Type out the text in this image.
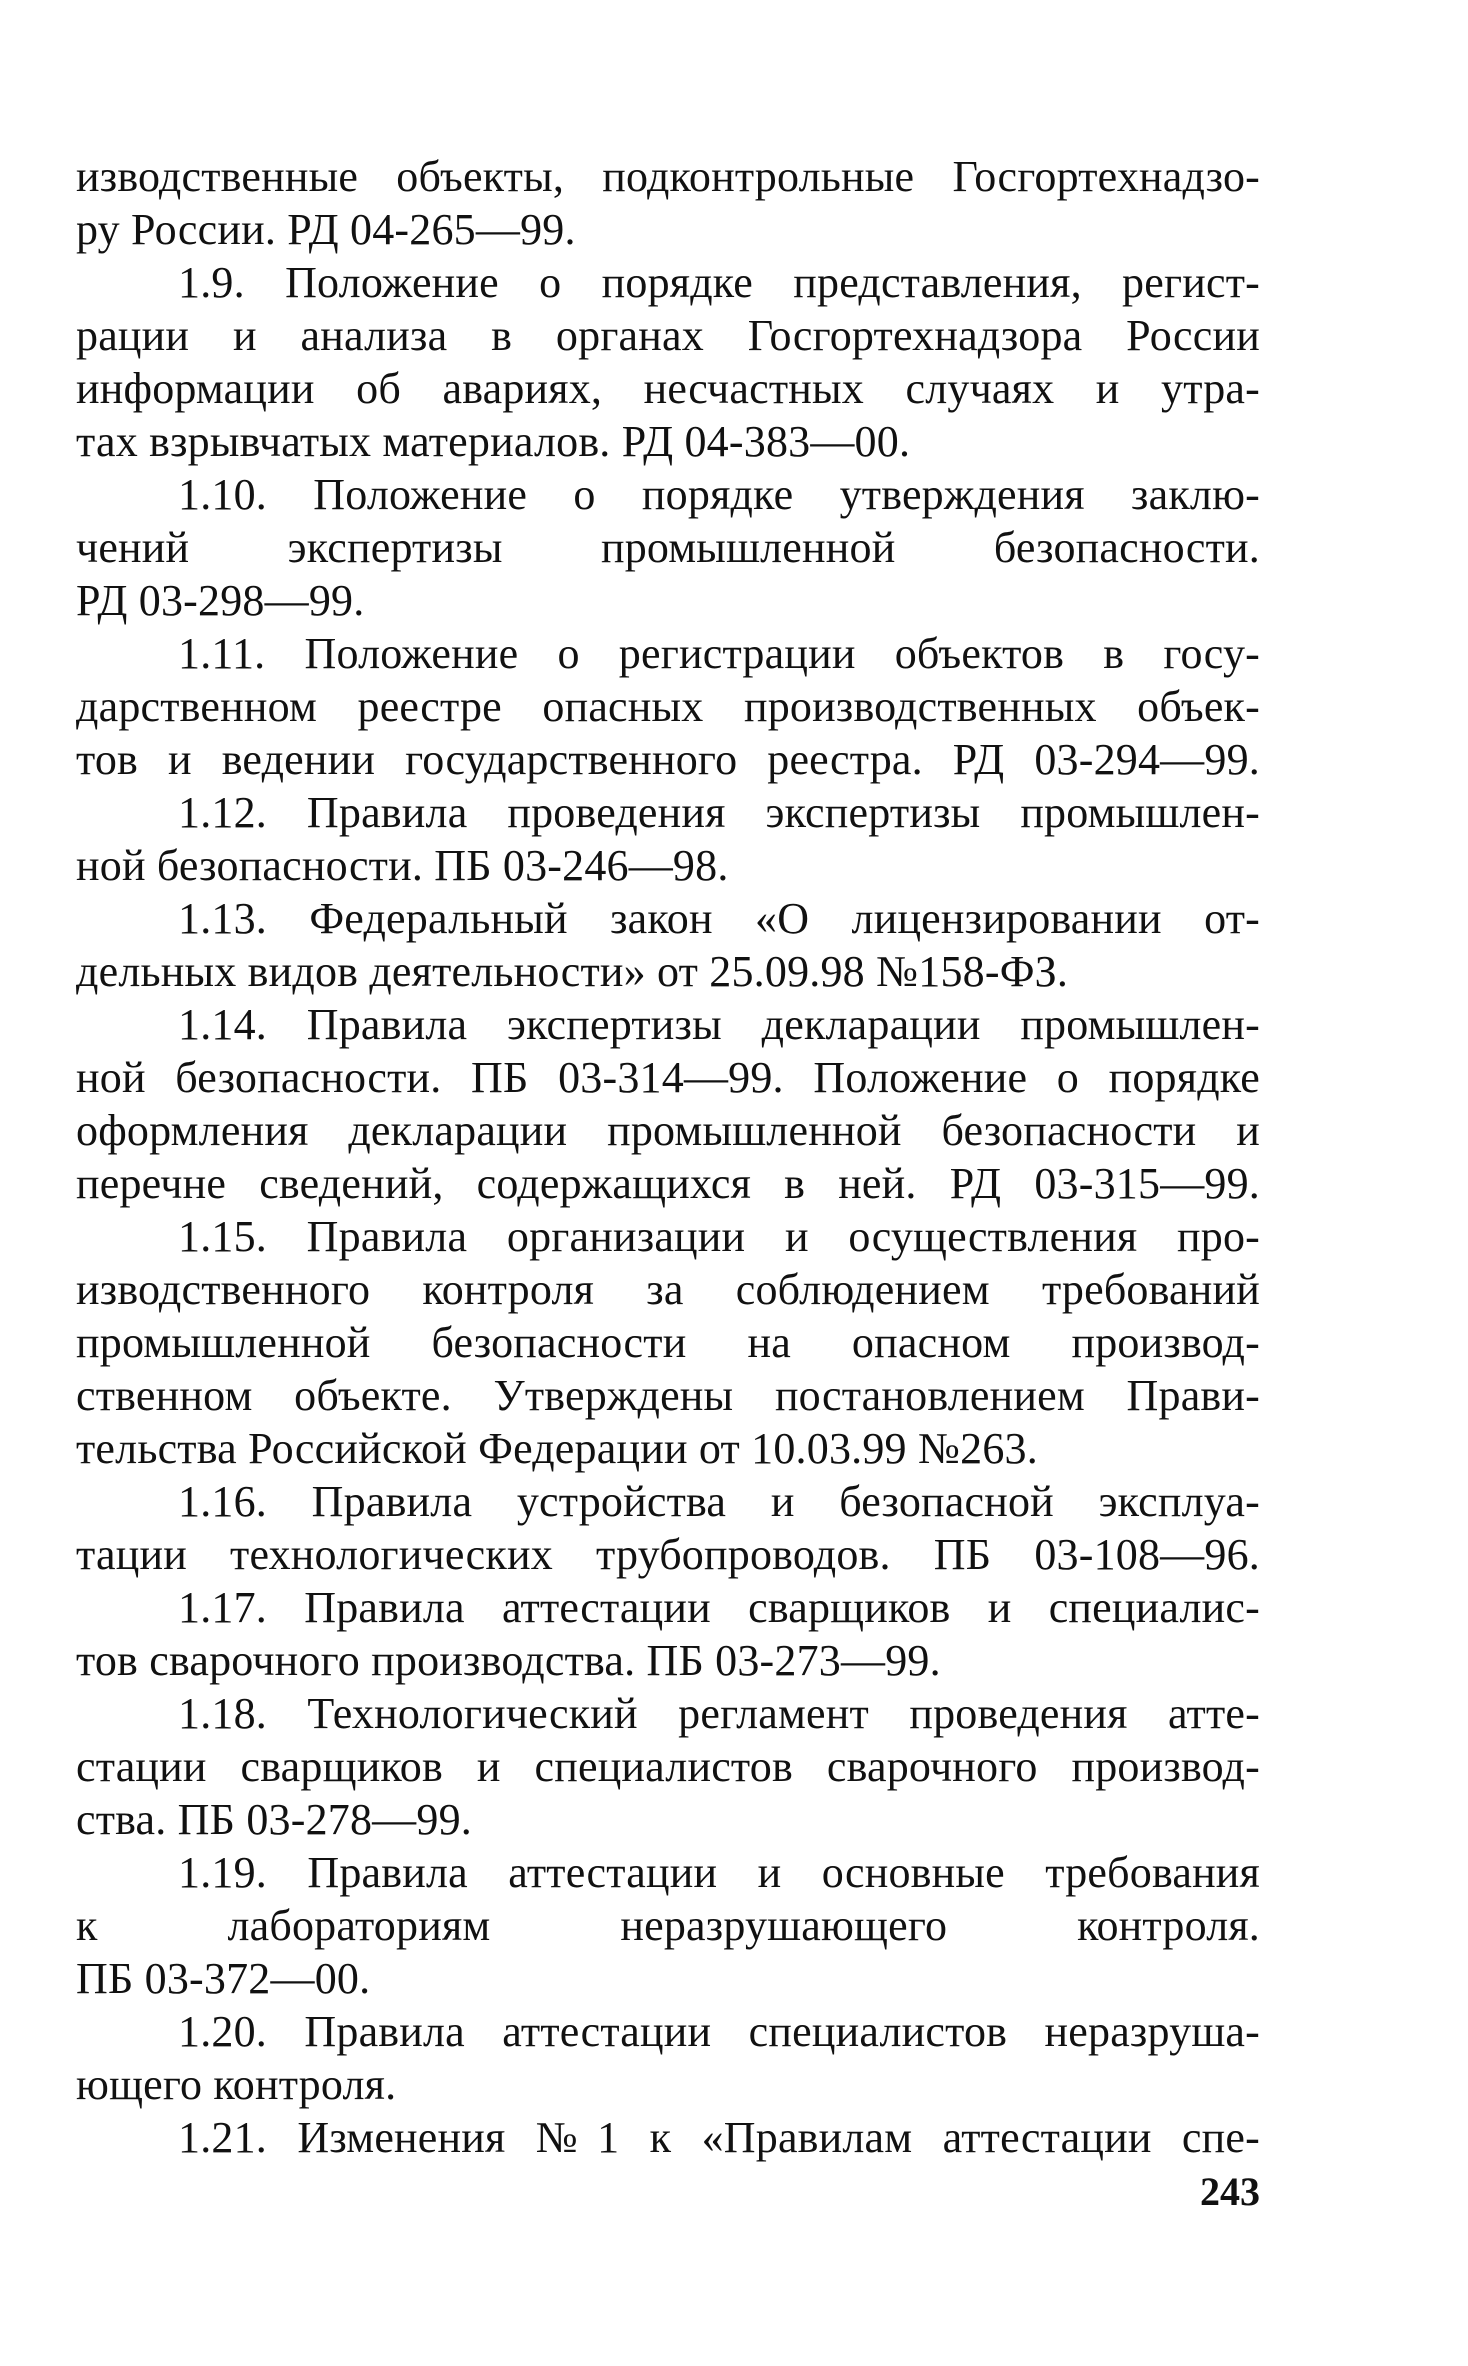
изводственные объекты, подконтрольные Госгортехнадзо-
ру России. РД 04-265—99.
1.9. Положение о порядке представления, регист-
рации и анализа в органах Госгортехнадзора России
информации об авариях, несчастных случаях и утра-
тах взрывчатых материалов. РД 04-383—00.
1.10. Положение о порядке утверждения заклю-
чений экспертизы промышленной безопасности.
РД 03-298—99.
1.11. Положение о регистрации объектов в госу-
дарственном реестре опасных производственных объек-
тов и ведении государственного реестра. РД 03-294—99.
1.12. Правила проведения экспертизы промышлен-
ной безопасности. ПБ 03-246—98.
1.13. Федеральный закон «О лицензировании от-
дельных видов деятельности» от 25.09.98 №158-ФЗ.
1.14. Правила экспертизы декларации промышлен-
ной безопасности. ПБ 03-314—99. Положение о порядке
оформления декларации промышленной безопасности и
перечне сведений, содержащихся в ней. РД 03-315—99.
1.15. Правила организации и осуществления про-
изводственного контроля за соблюдением требований
промышленной безопасности на опасном производ-
ственном объекте. Утверждены постановлением Прави-
тельства Российской Федерации от 10.03.99 №263.
1.16. Правила устройства и безопасной эксплуа-
тации технологических трубопроводов. ПБ 03-108—96.
1.17. Правила аттестации сварщиков и специалис-
тов сварочного производства. ПБ 03-273—99.
1.18. Технологический регламент проведения атте-
стации сварщиков и специалистов сварочного производ-
ства. ПБ 03-278—99.
1.19. Правила аттестации и основные требования
к лабораториям неразрушающего контроля.
ПБ 03-372—00.
1.20. Правила аттестации специалистов неразруша-
ющего контроля.
1.21. Изменения №1 к «Правилам аттестации спе-
243
